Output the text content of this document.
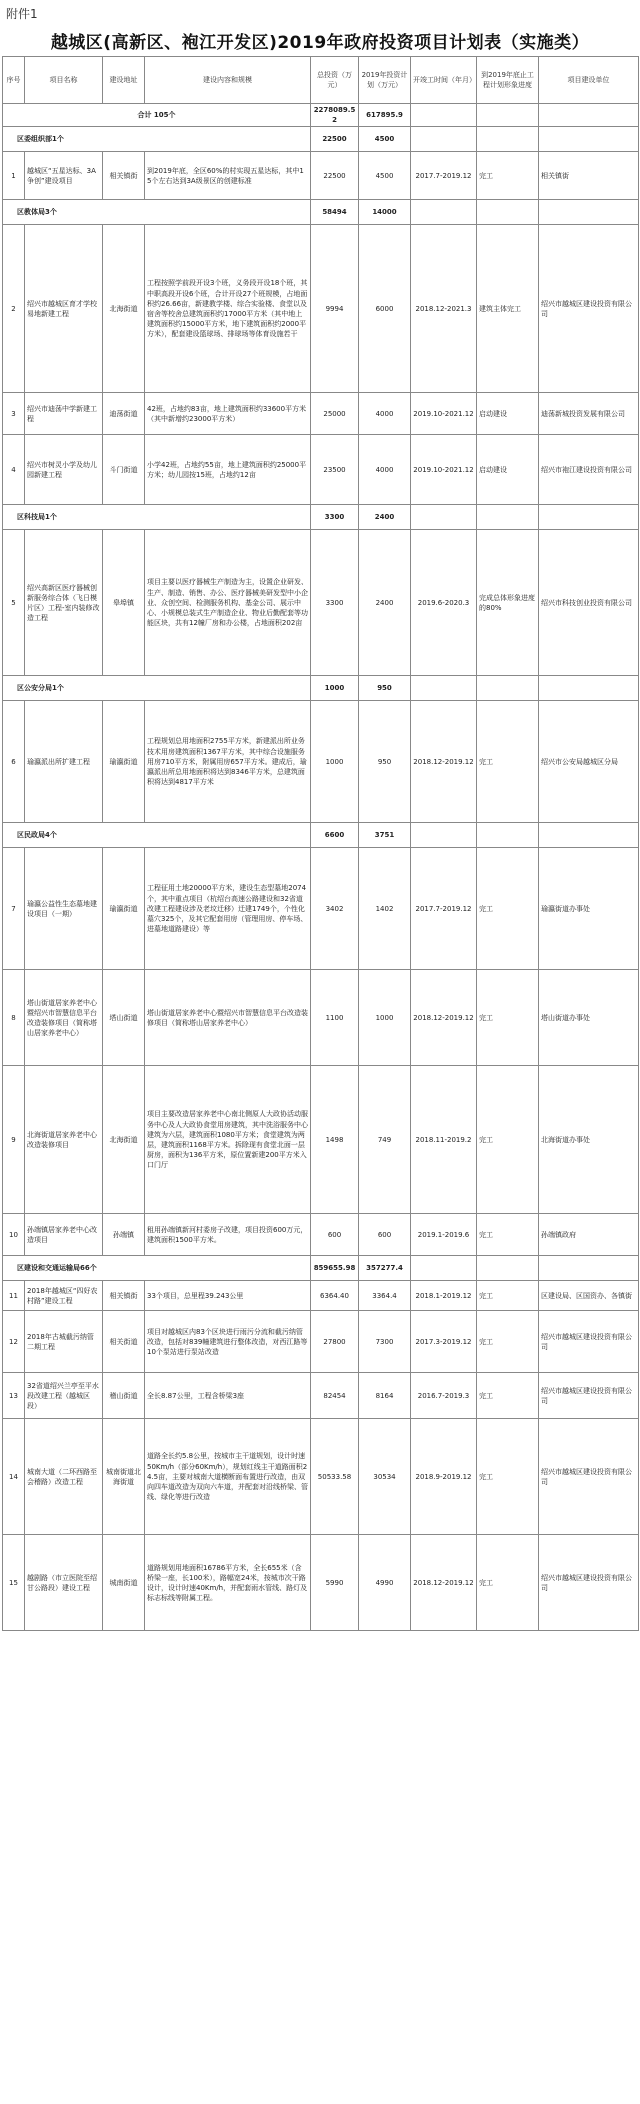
附件1
越城区(高新区、袍江开发区)2019年政府投资项目计划表（实施类）
序号	项目名称	建设地址	建设内容和规模	总投资（万元）	2019年投资计划（万元）	开竣工时间（年月）	到2019年底止工程计划形象进度	项目建设单位
合计 105个				2278089.52	617895.9			
区委组织部1个				22500	4500			
1	越城区“五星达标、3A争创”建设项目	相关镇街	到2019年底，全区60%的村实现五星达标，其中15个左右达到3A级景区的创建标准	22500	4500	2017.7-2019.12	完工	相关镇街
区教体局3个				58494	14000			
2	绍兴市越城区育才学校易地新建工程	北海街道	工程按照学前段开设3个班，义务段开设18个班，其中职高段开设6个班，合计开设27个班规模，占地面积约26.66亩，新建教学楼、综合实验楼、食堂以及宿舍等校舍总建筑面积约17000平方米（其中地上建筑面积约15000平方米，地下建筑面积约2000平方米），配套建设篮球场、排球场等体育设施若干	9994	6000	2018.12-2021.3	建筑主体完工	绍兴市越城区建设投资有限公司
3	绍兴市迪荡中学新建工程	迪荡街道	42班，占地约83亩，地上建筑面积约33600平方米（其中新增约23000平方米）	25000	4000	2019.10-2021.12	启动建设	迪荡新城投资发展有限公司
4	绍兴市树灵小学及幼儿园新建工程	斗门街道	小学42班，占地约55亩，地上建筑面积约25000平方米；幼儿园按15班，占地约12亩	23500	4000	2019.10-2021.12	启动建设	绍兴市袍江建设投资有限公司
区科技局1个				3300	2400			
5	绍兴高新区医疗器械创新服务综合体（飞日模片区）工程-室内装修改造工程	皋埠镇	项目主要以医疗器械生产制造为主，设置企业研发、生产、制造、销售、办公、医疗器械美研发型中小企业、众创空间、检测服务机构、基金公司、展示中心、小规模总装式生产制造企业、物业后勤配套等功能区块，共有12幢厂房和办公楼，占地面积202亩	3300	2400	2019.6-2020.3	完成总体形象进度的80%	绍兴市科技创业投资有限公司
区公安分局1个				1000	950			
6	瑜瀛派出所扩建工程	瑜瀛街道	工程规划总用地面积2755平方米，新建派出所业务技术用房建筑面积1367平方米，其中综合设施服务用房710平方米，附属用房657平方米。建成后，瑜瀛派出所总用地面积将达到8346平方米，总建筑面积将达到4817平方米	1000	950	2018.12-2019.12	完工	绍兴市公安局越城区分局
区民政局4个				6600	3751			
7	瑜瀛公益性生态墓地建设项目（一期）	瑜瀛街道	工程征用土地20000平方米，建设生态型墓地2074个，其中重点项目（杭绍台高速公路建设和32省道改建工程建设涉及老坟迁移）迁建1749个，个性化墓穴325个，及其它配套用房（管理用房、停车场、进墓地道路建设）等	3402	1402	2017.7-2019.12	完工	瑜瀛街道办事处
8	塔山街道居家养老中心暨绍兴市智慧信息平台改造装修项目（简称塔山居家养老中心）	塔山街道	塔山街道居家养老中心暨绍兴市智慧信息平台改造装修项目（简称塔山居家养老中心）	1100	1000	2018.12-2019.12	完工	塔山街道办事处
9	北海街道居家养老中心改造装修项目	北海街道	项目主要改造居家养老中心南北侧原人大政协活动服务中心及人大政协食堂用房建筑，其中洗浴服务中心建筑为六层，建筑面积1080平方米；食堂建筑为两层，建筑面积1168平方米。拆除现有食堂北面一层厨房，面积为136平方米，原位置新建200平方米入口门厅	1498	749	2018.11-2019.2	完工	北海街道办事处
10	孙端镇居家养老中心改造项目	孙端镇	租用孙端镇新河村委房子改建，项目投资600万元，建筑面积1500平方米。	600	600	2019.1-2019.6	完工	孙端镇政府
区建设和交通运输局66个				859655.98	357277.4			
11	2018年越城区“四好农村路”建设工程	相关镇街	33个项目，总里程39.243公里	6364.40	3364.4	2018.1-2019.12	完工	区建设局、区国资办、各镇街
12	2018年古城截污纳管二期工程	相关街道	项目对越城区内83个区块进行雨污分流和截污纳管改造，包括对839幢建筑进行整体改造，对西江路等10个泵站进行泵站改造	27800	7300	2017.3-2019.12	完工	绍兴市越城区建设投资有限公司
13	32省道绍兴兰亭至平水段改建工程（越城区段）	稽山街道	全长8.87公里，工程含桥梁3座	82454	8164	2016.7-2019.3	完工	绍兴市越城区建设投资有限公司
14	城南大道（二环西路至会稽路）改造工程	城南街道北海街道	道路全长约5.8公里，按城市主干道规划，设计时速50Km/h（部分60Km/h），规划红线主干道路面积24.5亩，主要对城南大道横断面布置进行改造，由双向四车道改造为双向六车道，并配套对沿线桥梁、管线、绿化等进行改造	50533.58	30534	2018.9-2019.12	完工	绍兴市越城区建设投资有限公司
15	越剧路（市立医院至绍甘公路段）建设工程	城南街道	道路规划用地面积16786平方米，全长655米（含桥梁一座，长100米），路幅宽24米，按城市次干路设计，设计时速40Km/h，并配套雨水管线、路灯及标志标线等附属工程。	5990	4990	2018.12-2019.12	完工	绍兴市越城区建设投资有限公司
